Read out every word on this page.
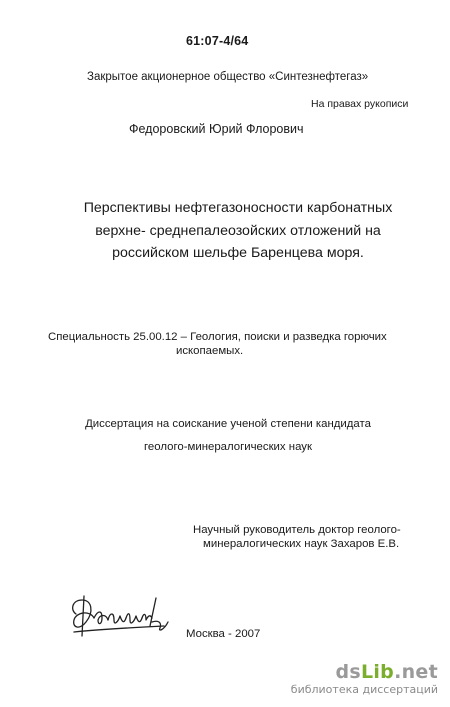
61:07-4/64

Закрытое акционерное общество «Синтезнефтегаз»

На правах рукописи

Федоровский Юрий Флорович

Перспективы нефтегазоносности карбонатных
верхне- среднепалеозойских отложений на
российском шельфе Баренцева моря.
Специальность 25.00.12 – Геология, поиски и разведка горючих
ископаемых.
Диссертация на соискание ученой степени кандидата
геолого-минералогических наук
Научный руководитель доктор геолого-
минералогических наук Захаров Е.В.

Москва - 2007

dsLib.net
библиотека диссертаций
